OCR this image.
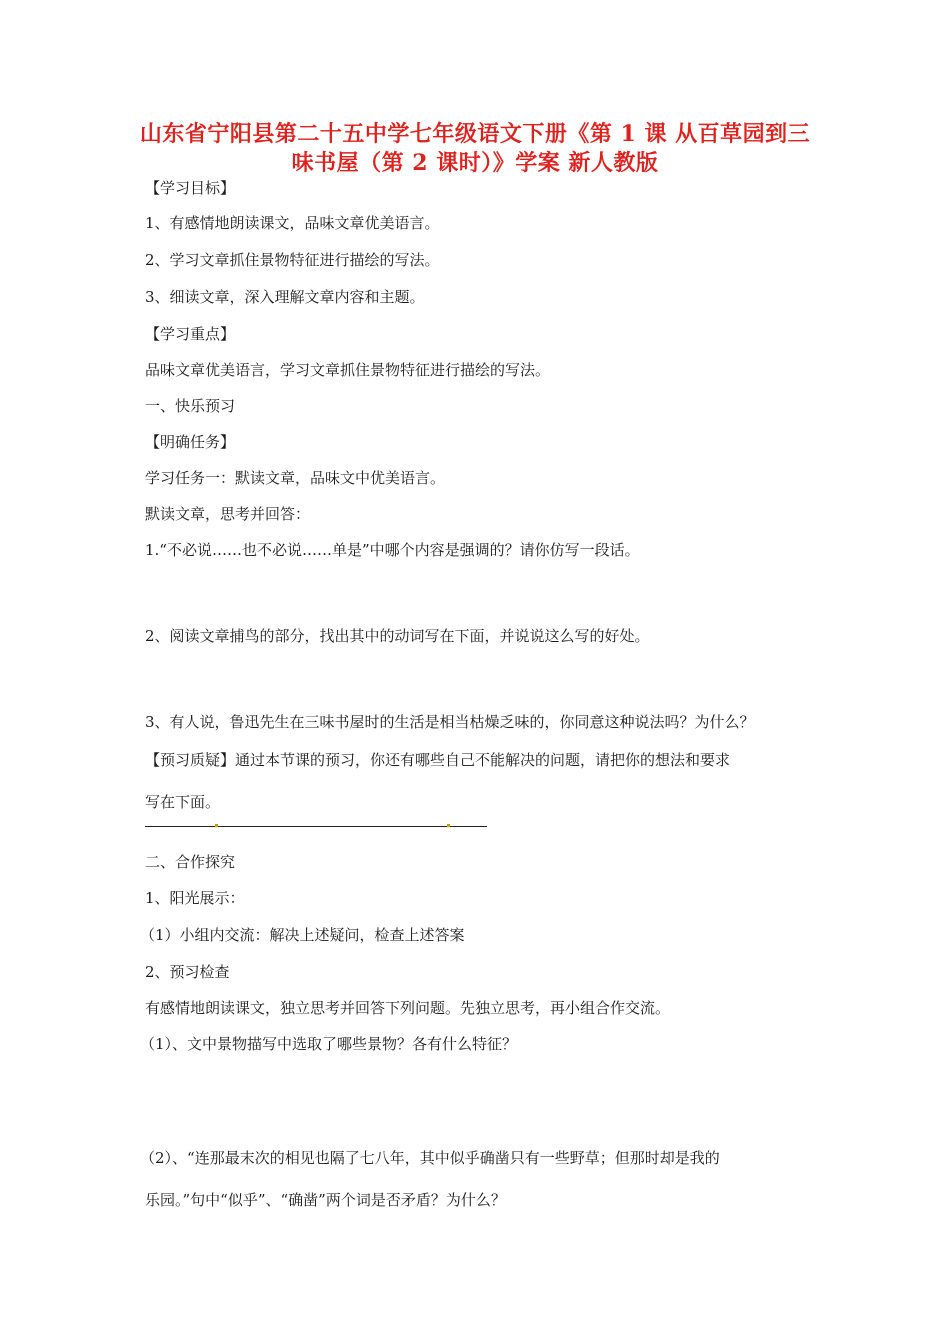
山东省宁阳县第二十五中学七年级语文下册《第 1 课 从百草园到三
味书屋（第 2 课时）》学案 新人教版
【学习目标】
1、有感情地朗读课文，品味文章优美语言。
2、学习文章抓住景物特征进行描绘的写法。
3、细读文章，深入理解文章内容和主题。
【学习重点】
品味文章优美语言，学习文章抓住景物特征进行描绘的写法。
一、快乐预习
【明确任务】
学习任务一：默读文章，品味文中优美语言。
默读文章，思考并回答：
1.“不必说……也不必说……单是”中哪个内容是强调的？请你仿写一段话。
2、阅读文章捕鸟的部分，找出其中的动词写在下面，并说说这么写的好处。
3、有人说，鲁迅先生在三味书屋时的生活是相当枯燥乏味的，你同意这种说法吗？为什么？
【预习质疑】通过本节课的预习，你还有哪些自己不能解决的问题，请把你的想法和要求
写在下面。
二、合作探究
1、阳光展示：
（1）小组内交流：解决上述疑问，检查上述答案
2、预习检查
有感情地朗读课文，独立思考并回答下列问题。先独立思考，再小组合作交流。
（1）、文中景物描写中选取了哪些景物？各有什么特征？
（2）、“连那最末次的相见也隔了七八年，其中似乎确凿只有一些野草；但那时却是我的
乐园。”句中“似乎”、“确凿”两个词是否矛盾？为什么？
